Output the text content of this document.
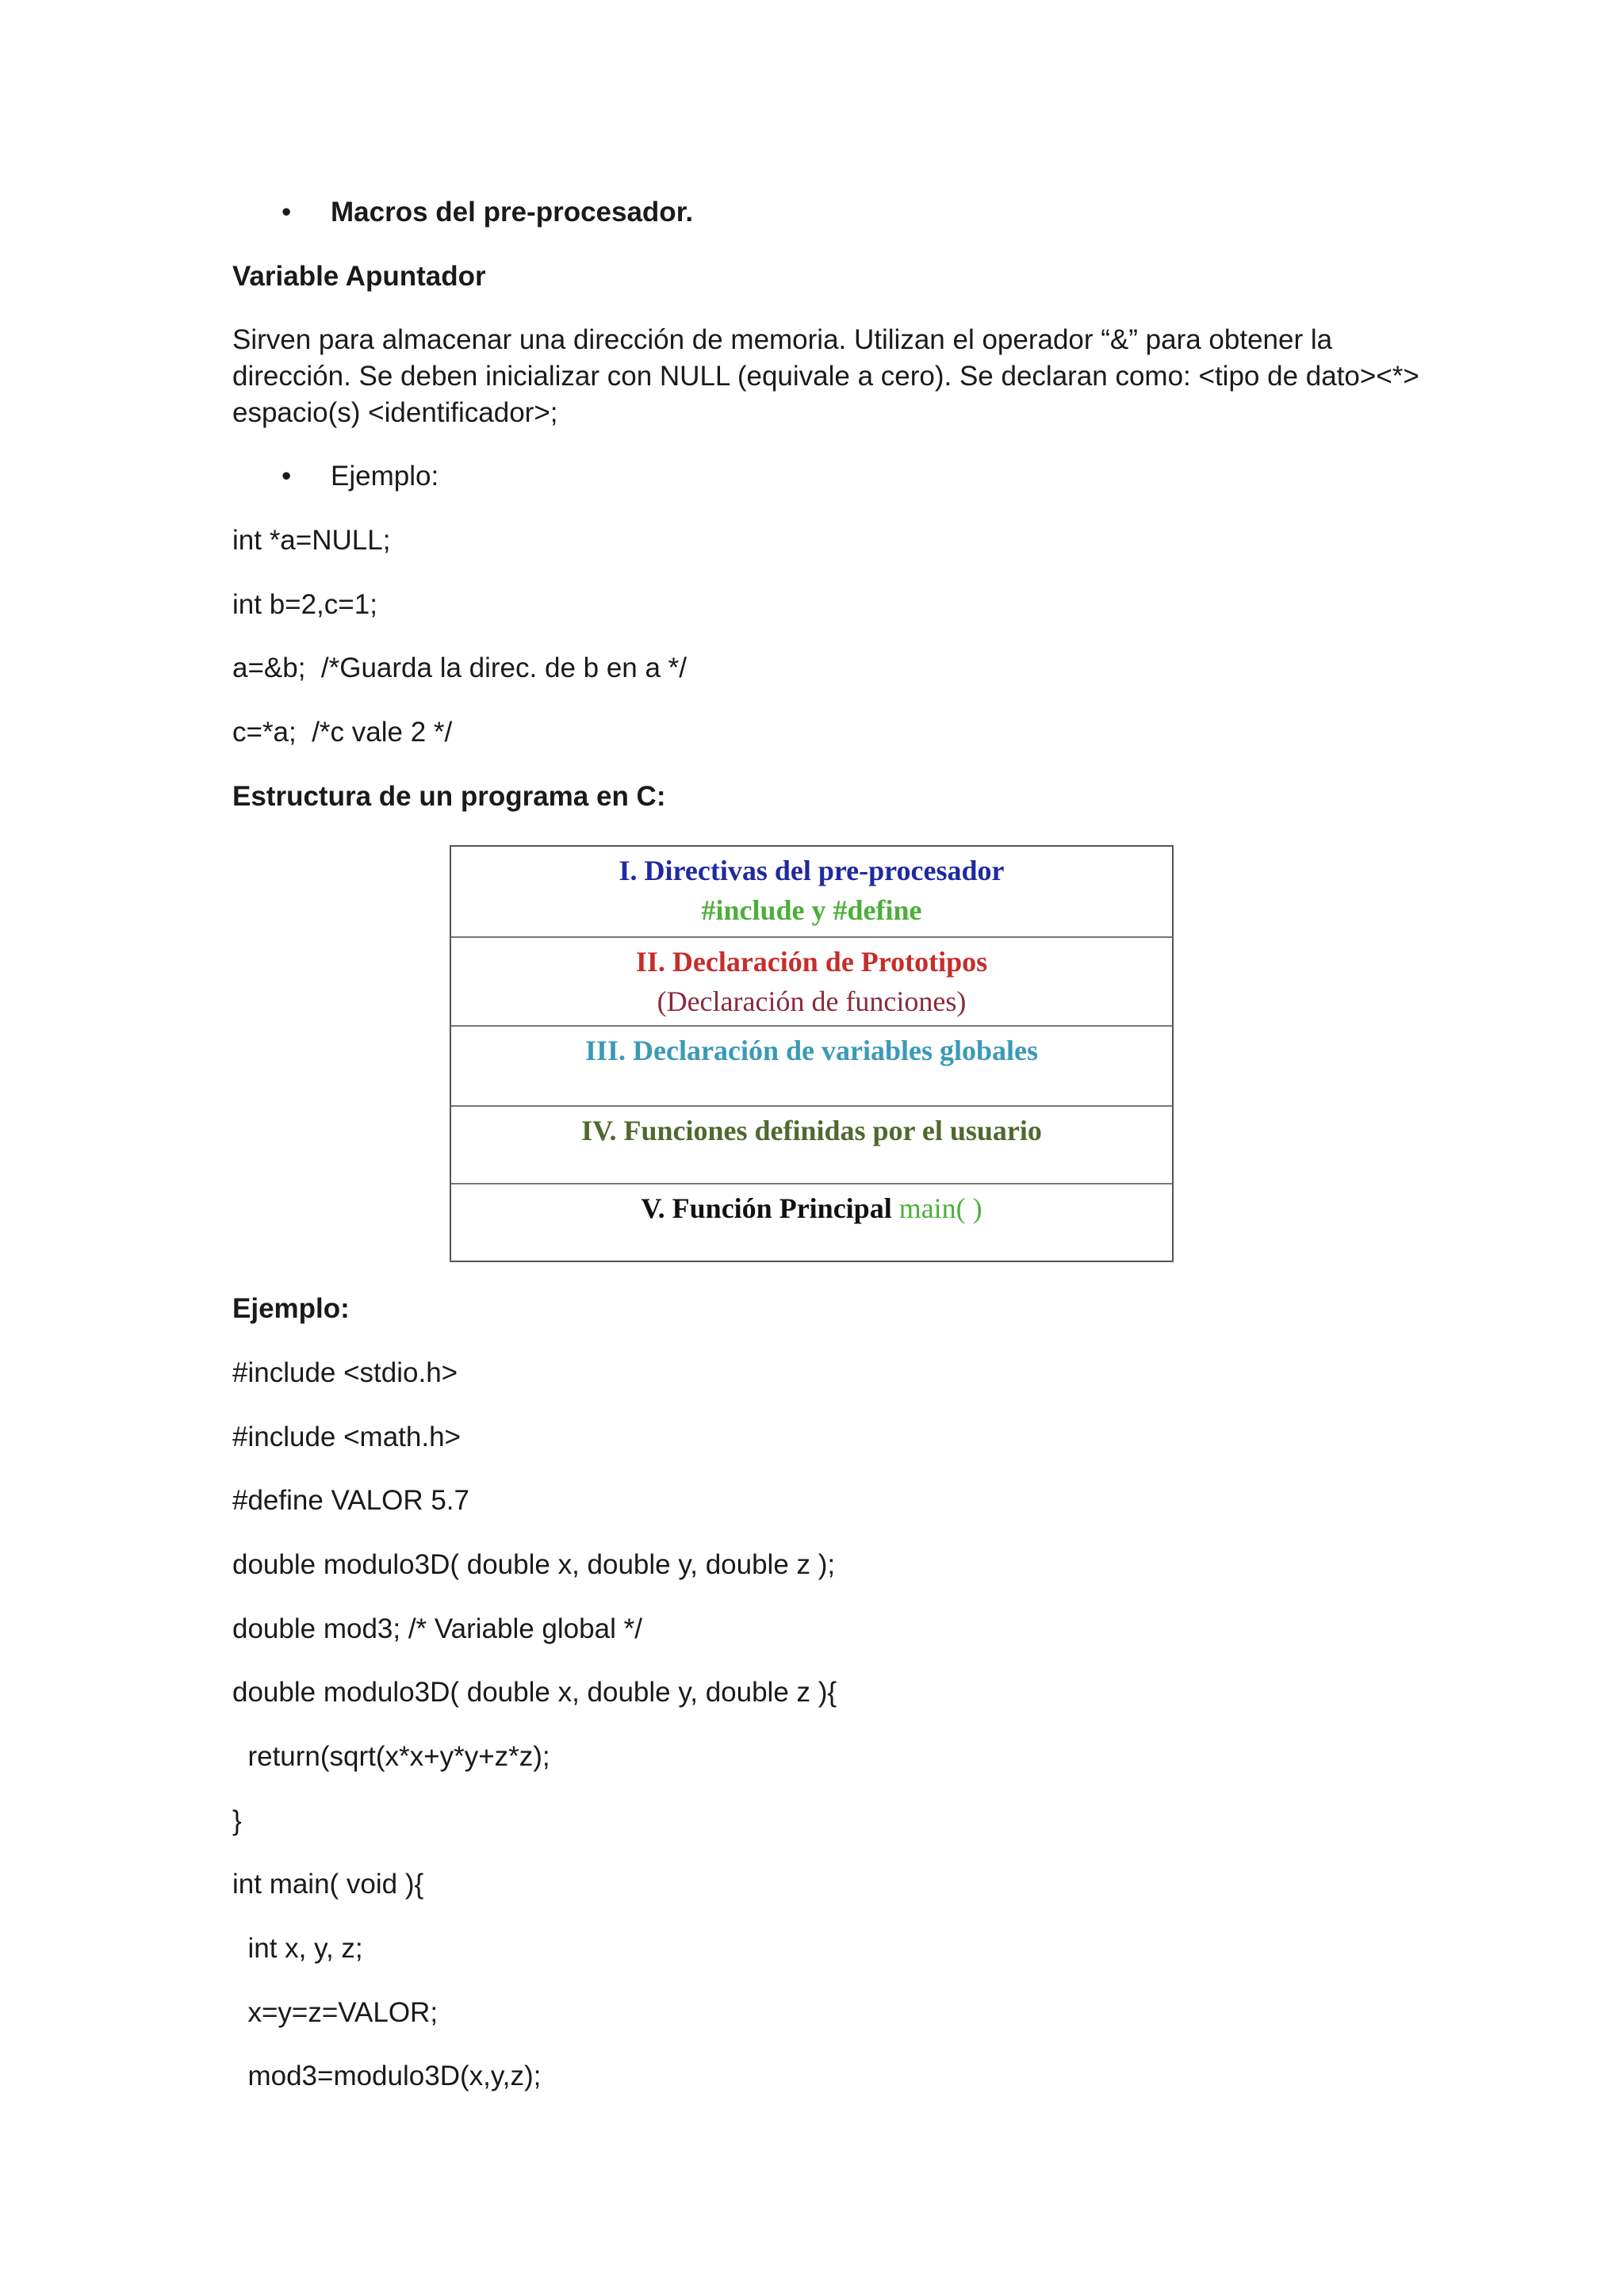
• Macros del pre-procesador.
Variable Apuntador
Sirven para almacenar una dirección de memoria. Utilizan el operador “&” para obtener la
dirección. Se deben inicializar con NULL (equivale a cero). Se declaran como: <tipo de dato><*>
espacio(s) <identificador>;
• Ejemplo:
int *a=NULL;
int b=2,c=1;
a=&b;  /*Guarda la direc. de b en a */
c=*a;  /*c vale 2 */
Estructura de un programa en C:
I. Directivas del pre-procesador
#include y #define
II. Declaración de Prototipos
(Declaración de funciones)
III. Declaración de variables globales
IV. Funciones definidas por el usuario
V. Función Principal main( )
Ejemplo:
#include <stdio.h>
#include <math.h>
#define VALOR 5.7
double modulo3D( double x, double y, double z );
double mod3; /* Variable global */
double modulo3D( double x, double y, double z ){
return(sqrt(x*x+y*y+z*z);
}
int main( void ){
int x, y, z;
x=y=z=VALOR;
mod3=modulo3D(x,y,z);
